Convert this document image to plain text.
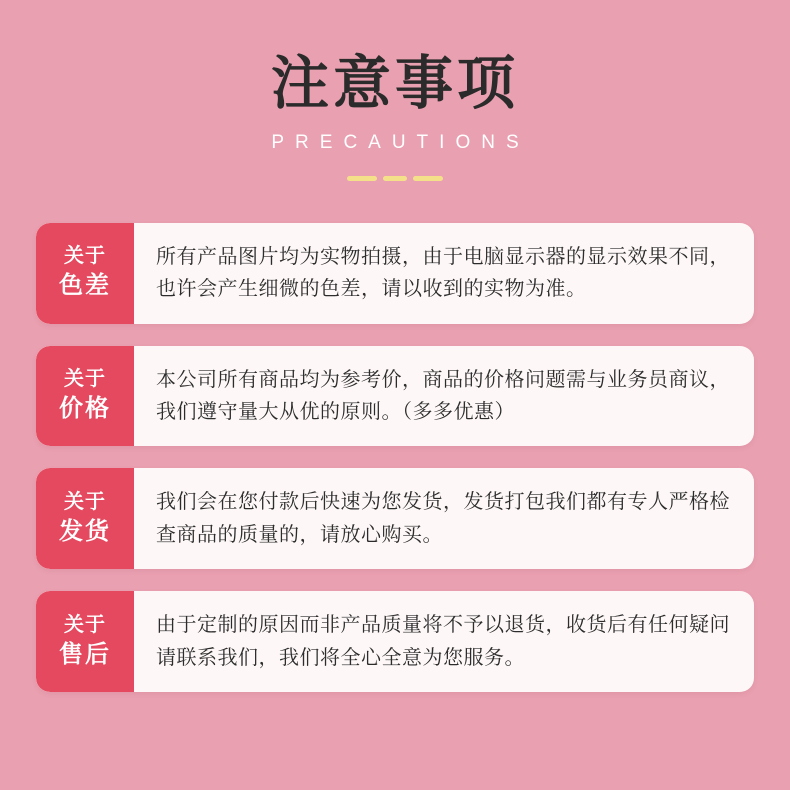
注意事项
PRECAUTIONS
关于
色差

所有产品图片均为实物拍摄，由于电脑显示器的显示效果不同，也许会产生细微的色差，请以收到的实物为准。

关于
价格

本公司所有商品均为参考价，商品的价格问题需与业务员商议，我们遵守量大从优的原则。（多多优惠）

关于
发货

我们会在您付款后快速为您发货，发货打包我们都有专人严格检查商品的质量的，请放心购买。

关于
售后

由于定制的原因而非产品质量将不予以退货，收货后有任何疑问请联系我们，我们将全心全意为您服务。
